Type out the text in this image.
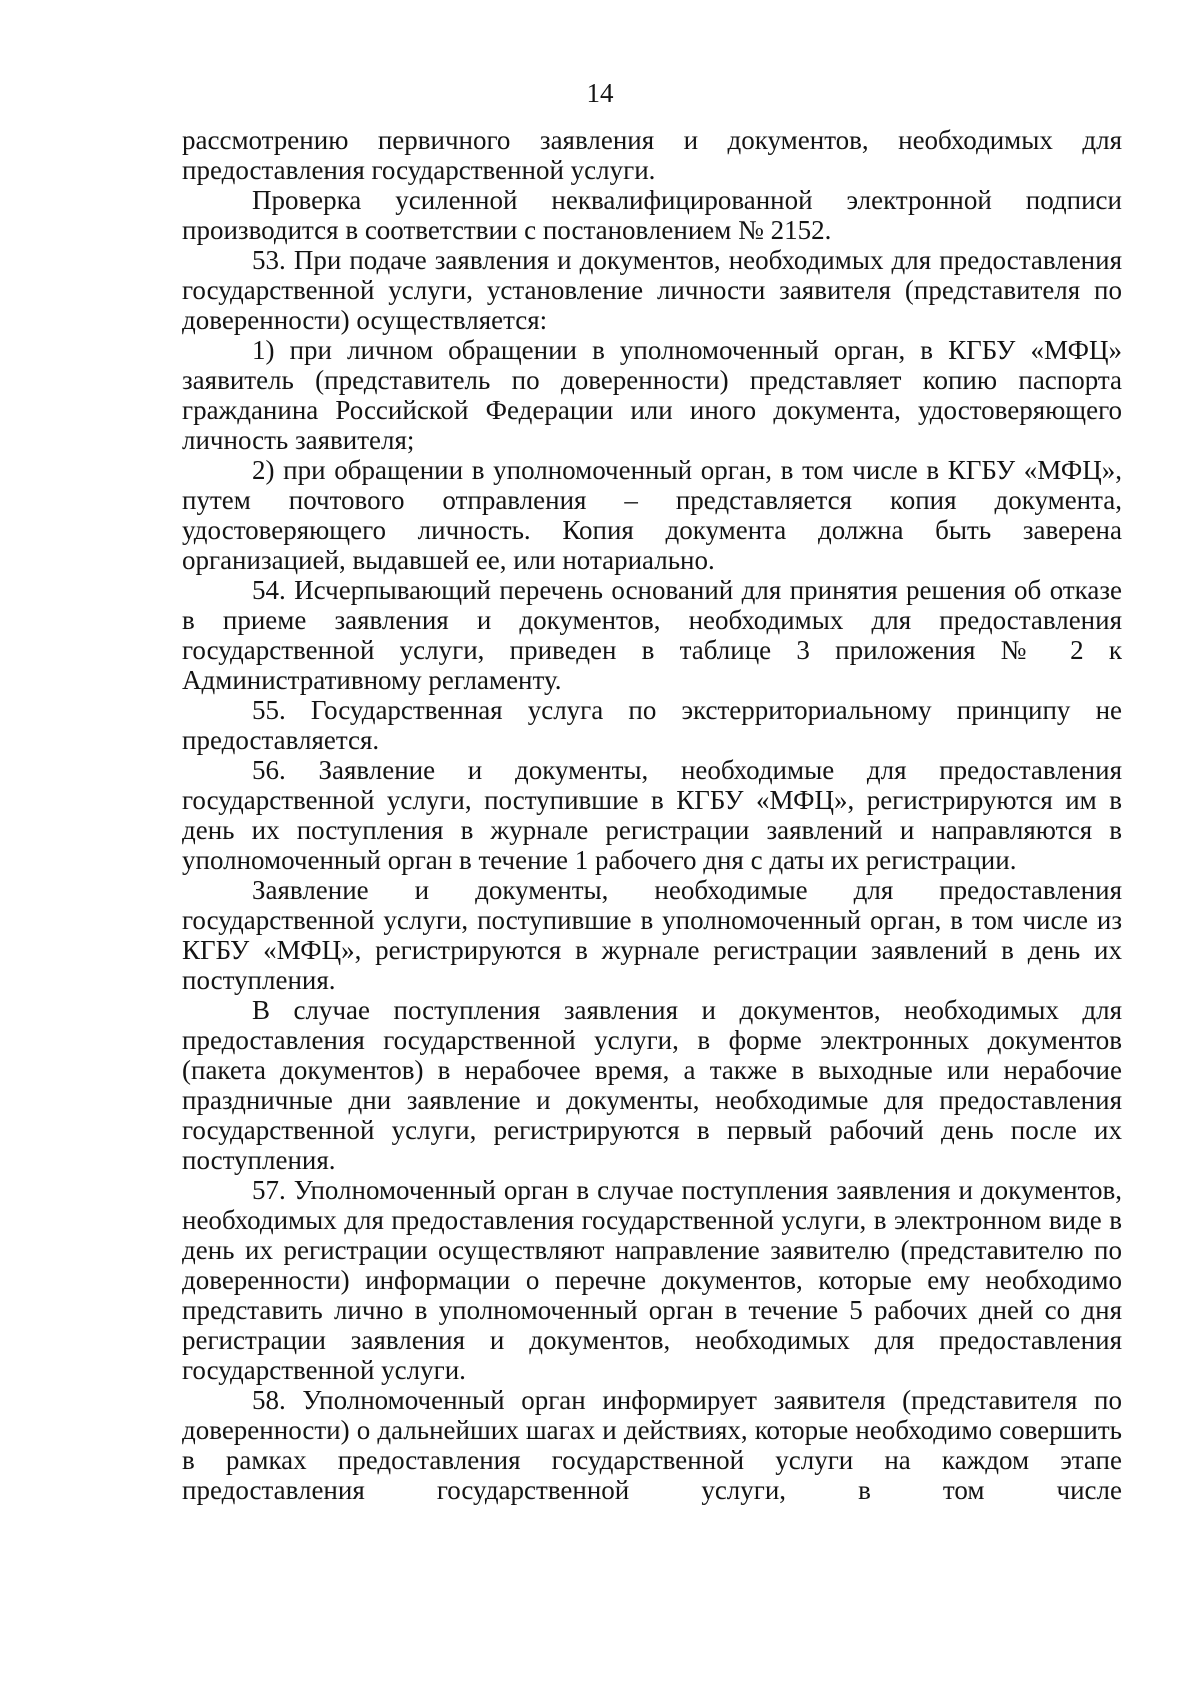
14

рассмотрению первичного заявления и документов, необходимых для предоставления государственной услуги.

Проверка усиленной неквалифицированной электронной подписи производится в соответствии с постановлением № 2152.

53. При подаче заявления и документов, необходимых для предоставления государственной услуги, установление личности заявителя (представителя по доверенности) осуществляется:

1) при личном обращении в уполномоченный орган, в КГБУ «МФЦ» заявитель (представитель по доверенности) представляет копию паспорта гражданина Российской Федерации или иного документа, удостоверяющего личность заявителя;

2) при обращении в уполномоченный орган, в том числе в КГБУ «МФЦ», путем почтового отправления – представляется копия документа, удостоверяющего личность. Копия документа должна быть заверена организацией, выдавшей ее, или нотариально.

54. Исчерпывающий перечень оснований для принятия решения об отказе в приеме заявления и документов, необходимых для предоставления государственной услуги, приведен в таблице 3 приложения № 2 к Административному регламенту.

55. Государственная услуга по экстерриториальному принципу не предоставляется.

56. Заявление и документы, необходимые для предоставления государственной услуги, поступившие в КГБУ «МФЦ», регистрируются им в день их поступления в журнале регистрации заявлений и направляются в уполномоченный орган в течение 1 рабочего дня с даты их регистрации.

Заявление и документы, необходимые для предоставления государственной услуги, поступившие в уполномоченный орган, в том числе из КГБУ «МФЦ», регистрируются в журнале регистрации заявлений в день их поступления.

В случае поступления заявления и документов, необходимых для предоставления государственной услуги, в форме электронных документов (пакета документов) в нерабочее время, а также в выходные или нерабочие праздничные дни заявление и документы, необходимые для предоставления государственной услуги, регистрируются в первый рабочий день после их поступления.

57. Уполномоченный орган в случае поступления заявления и документов, необходимых для предоставления государственной услуги, в электронном виде в день их регистрации осуществляют направление заявителю (представителю по доверенности) информации о перечне документов, которые ему необходимо представить лично в уполномоченный орган в течение 5 рабочих дней со дня регистрации заявления и документов, необходимых для предоставления государственной услуги.

58. Уполномоченный орган информирует заявителя (представителя по доверенности) о дальнейших шагах и действиях, которые необходимо совершить в рамках предоставления государственной услуги на каждом этапе предоставления государственной услуги, в том числе
